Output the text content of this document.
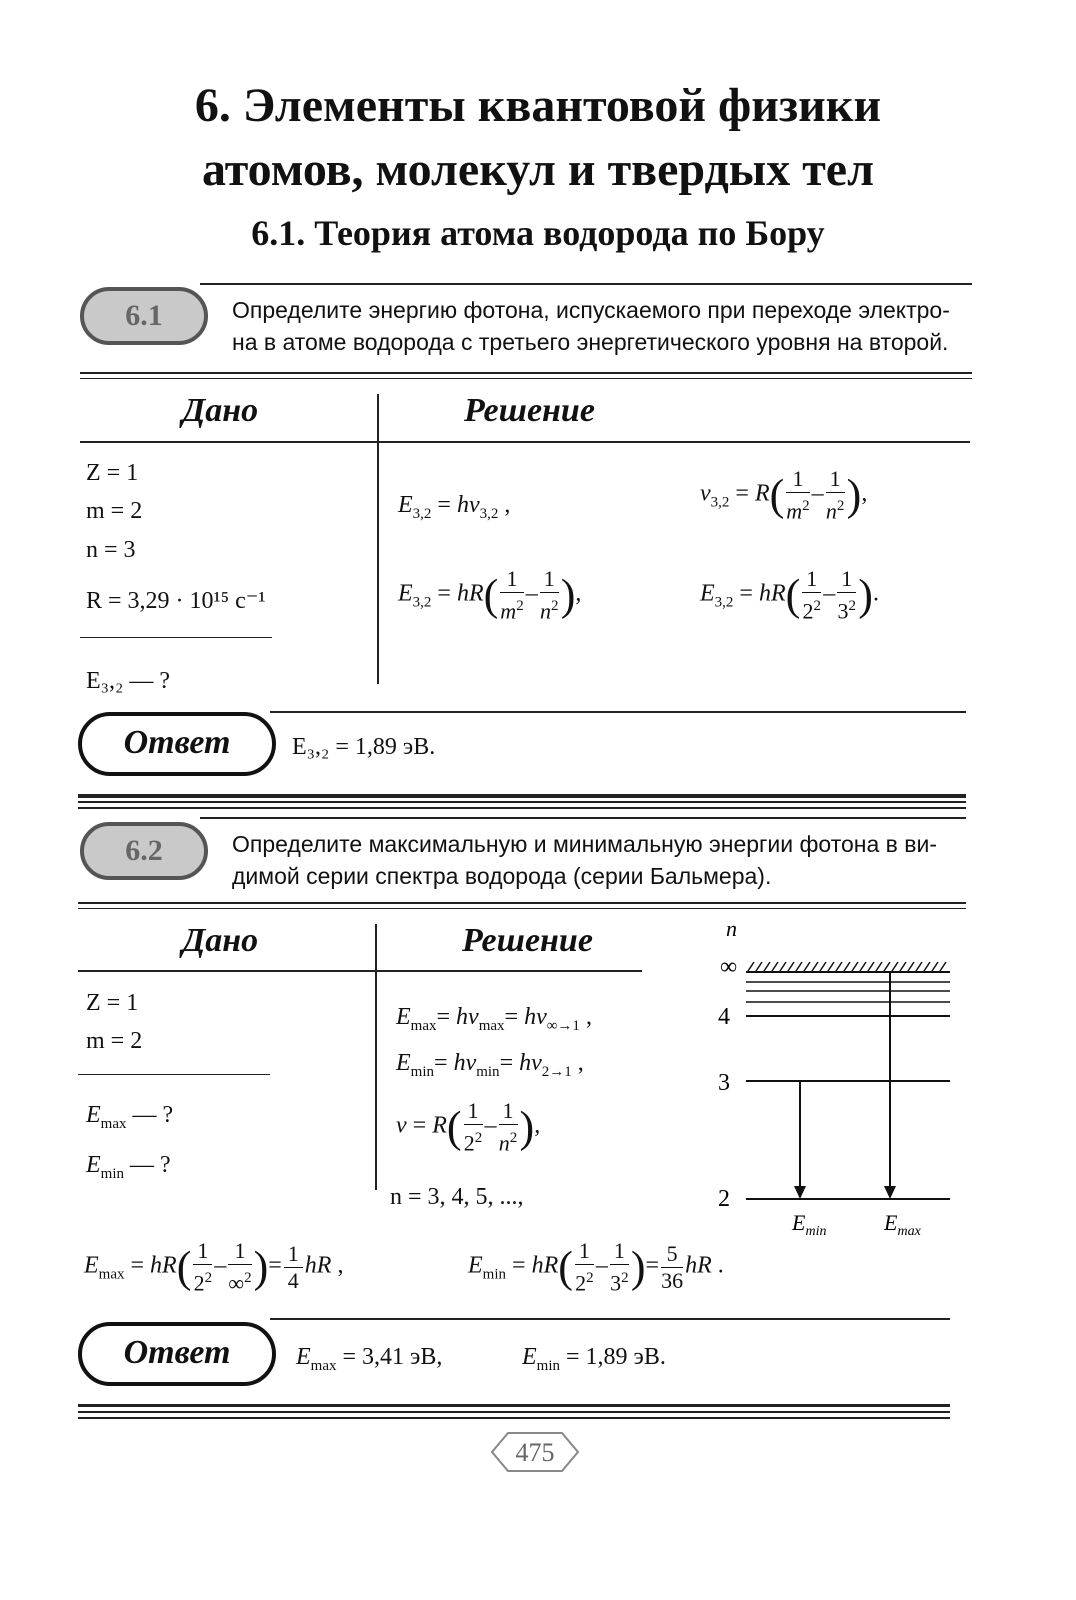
6. Элементы квантовой физики
атомов, молекул и твердых тел
6.1. Теория атома водорода по Бору
6.1	Определите энергию фотона, испускаемого при переходе электро-
на в атоме водорода с третьего энергетического уровня на второй.
Дано	Решение
Z = 1
m = 2
n = 3
R = 3,29 · 10¹⁵ с⁻¹
E₃,₂ — ?
$E_{3,2} = h\nu_{3,2}$ ,	$\nu_{3,2} = R( \frac{1}{m^2} - \frac{1}{n^2}$ ),
$E_{3,2} = hR( \frac{1}{m^2} - \frac{1}{n^2}$ ),	$E_{3,2} = hR( \frac{1}{2^2} - \frac{1}{3^2}$ ).
Ответ	E₃,₂ = 1,89 эВ.
6.2	Определите максимальную и минимальную энергии фотона в ви-
димой серии спектра водорода (серии Бальмера).
Дано	Решение
Z = 1
m = 2
$E_{max}$ — ?
$E_{min}$ — ?
$E_{max}= h\nu_{max}= h\nu_{\infty\to 1}$ ,
$E_{min}= h\nu_{min}= h\nu_{2\to 1}$ ,
$\nu = R( \frac{1}{2^2} - \frac{1}{n^2}$ ),
n = 3, 4, 5, ...,
n
∞
4
3
2
$E_{min}$	$E_{max}$
$E_{max} = hR( \frac{1}{2^2} - \frac{1}{\infty^2}$ )= $\frac{1}{4}$ hR ,	$E_{min} = hR( \frac{1}{2^2} - \frac{1}{3^2}$ )= $\frac{5}{36}$ hR .
Ответ	$E_{max} = 3,41$ эВ,	$E_{min} = 1,89$ эВ.
475
